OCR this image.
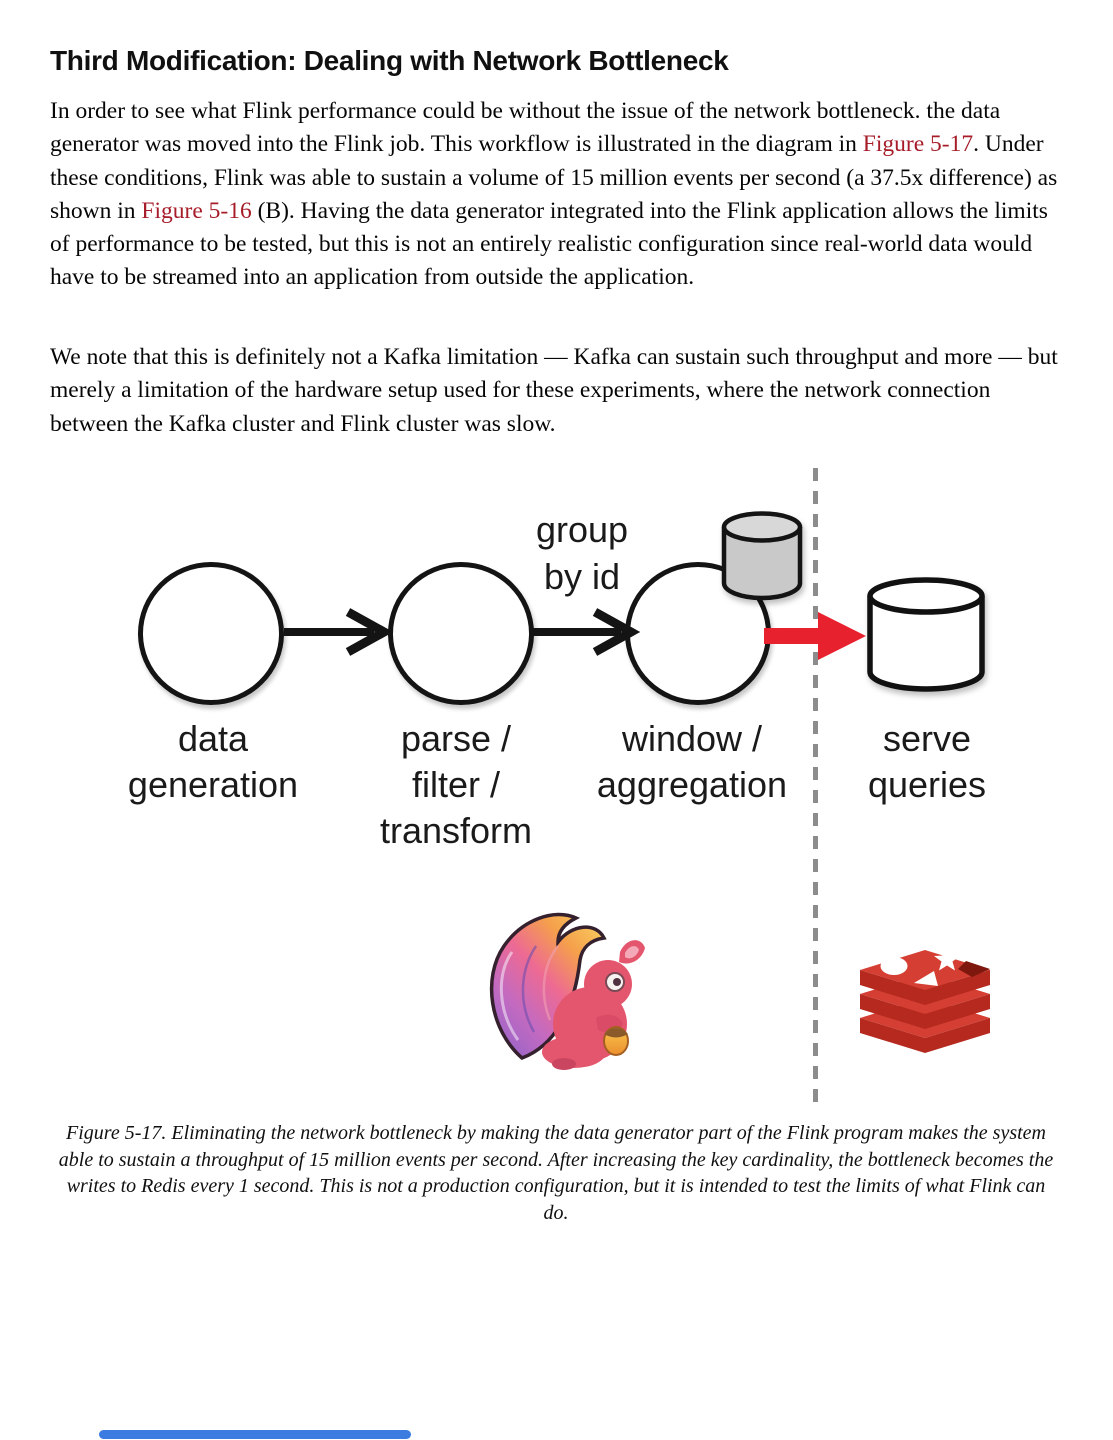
Third Modification: Dealing with Network Bottleneck

In order to see what Flink performance could be without the issue of the network bottleneck. the data generator was moved into the Flink job. This workflow is illustrated in the diagram in Figure 5-17. Under these conditions, Flink was able to sustain a volume of 15 million events per second (a 37.5x difference) as shown in Figure 5-16 (B). Having the data generator integrated into the Flink application allows the limits of performance to be tested, but this is not an entirely realistic configuration since real-world data would have to be streamed into an application from outside the application.

We note that this is definitely not a Kafka limitation — Kafka can sustain such throughput and more — but merely a limitation of the hardware setup used for these experiments, where the network connection between the Kafka cluster and Flink cluster was slow.

group
by id
data
generation
parse /
filter /
transform
window /
aggregation
serve
queries

Figure 5-17. Eliminating the network bottleneck by making the data generator part of the Flink program makes the system able to sustain a throughput of 15 million events per second. After increasing the key cardinality, the bottleneck becomes the writes to Redis every 1 second. This is not a production configuration, but it is intended to test the limits of what Flink can do.
